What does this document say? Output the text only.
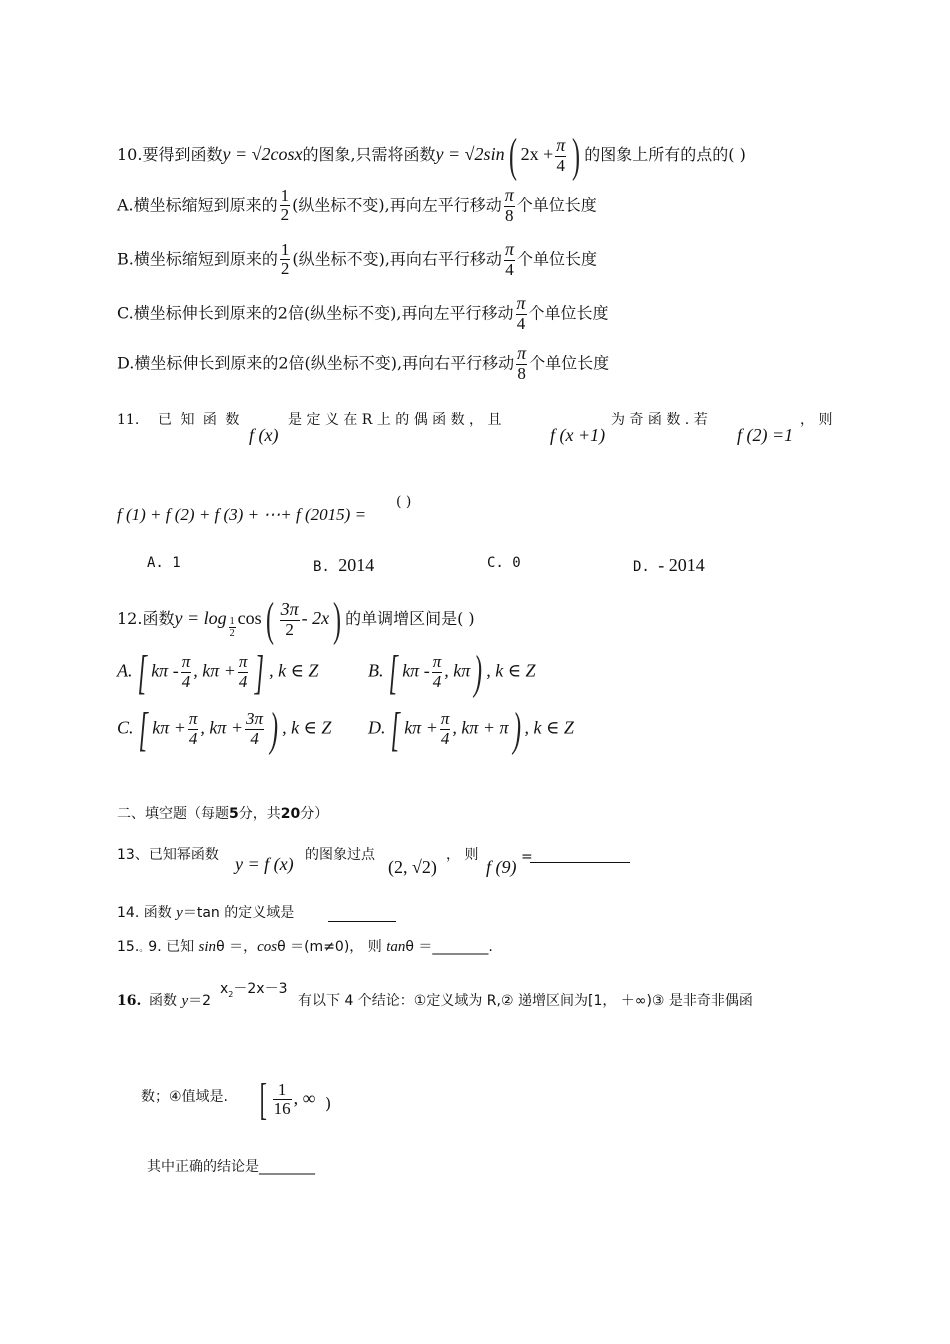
10.要得到函数y = √2cosx的图象,只需将函数y = √2sin( $2x + \frac{\pi}{4}$ ) 的图象上所有的点的( )
A.横坐标缩短到原来的 $\frac{1}{2}$ (纵坐标不变),再向左平行移动 $\frac{\pi}{8}$ 个单位长度
B.横坐标缩短到原来的 $\frac{1}{2}$ (纵坐标不变),再向右平行移动 $\frac{\pi}{4}$ 个单位长度
C.横坐标伸长到原来的2倍(纵坐标不变),再向左平行移动 $\frac{\pi}{4}$ 个单位长度
D.横坐标伸长到原来的2倍(纵坐标不变),再向右平行移动 $\frac{\pi}{8}$ 个单位长度
11. 已 知 函 数
f (x)
是 定 义 在 R 上 的 偶 函 数 ， 且
f (x +1)
为 奇 函 数 . 若
f (2) =1
， 则
f (1) + f (2) + f (3) + ⋯+ f (2015) =
( )
A. 1	B. 2014	C. 0	D. - 2014
12.函数$y = \log \frac{1}{2} \cos( \frac{3\pi}{2} - 2x)$ 的单调增区间是( )
A.[ kπ - $\frac{\pi}{4}$ , $k\pi + \frac{\pi}{4}$ ] , k ∈ Z	B.[ kπ - $\frac{\pi}{4}$ , kπ) , k ∈ Z
C.[ $k\pi + \frac{\pi}{4}$ , $k\pi + \frac{3\pi}{4}$ ) , k ∈ Z D.[ $k\pi + \frac{\pi}{4}$ , kπ + π) , k ∈ Z
二、填空题（每题5分，共20分）
13、已知幂函数 y = f (x) 的图象过点
(2, √2)
， 则
f (9) =
14. 函数 y＝tan 的定义域是
15.。9. 已知 sinθ ＝，cosθ ＝(m≠0)， 则 tanθ ＝________.
16. 函数 y＝2
$x_2-2x-3$
有以下 4 个结论：①定义域为 R,② 递增区间为[1， ＋∞)③ 是非奇非偶函
数；④值域是. [ $\frac{1}{16}$ , ∞ )
其中正确的结论是________
